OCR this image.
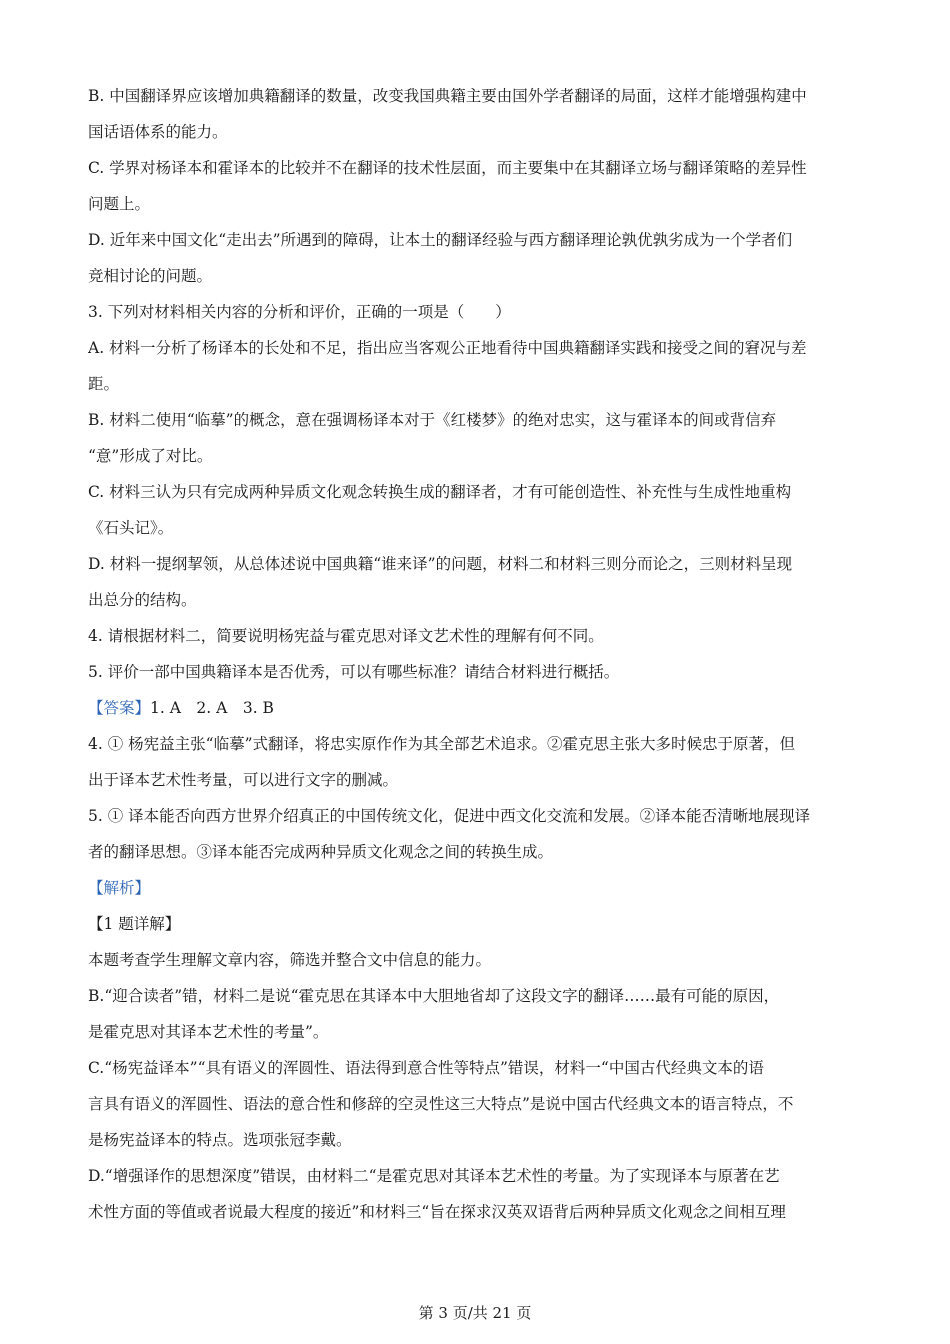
B. 中国翻译界应该增加典籍翻译的数量，改变我国典籍主要由国外学者翻译的局面，这样才能增强构建中
国话语体系的能力。
C. 学界对杨译本和霍译本的比较并不在翻译的技术性层面，而主要集中在其翻译立场与翻译策略的差异性
问题上。
D. 近年来中国文化“走出去”所遇到的障碍，让本土的翻译经验与西方翻译理论孰优孰劣成为一个学者们
竞相讨论的问题。
3. 下列对材料相关内容的分析和评价，正确的一项是（　　）
A. 材料一分析了杨译本的长处和不足，指出应当客观公正地看待中国典籍翻译实践和接受之间的窘况与差
距。
B. 材料二使用“临摹”的概念，意在强调杨译本对于《红楼梦》的绝对忠实，这与霍译本的间或背信弃
“意”形成了对比。
C. 材料三认为只有完成两种异质文化观念转换生成的翻译者，才有可能创造性、补充性与生成性地重构
《石头记》。
D. 材料一提纲挈领，从总体述说中国典籍“谁来译”的问题，材料二和材料三则分而论之，三则材料呈现
出总分的结构。
4. 请根据材料二，简要说明杨宪益与霍克思对译文艺术性的理解有何不同。
5. 评价一部中国典籍译本是否优秀，可以有哪些标准？请结合材料进行概括。
【答案】1. A　2. A　3. B
4. ① 杨宪益主张“临摹”式翻译，将忠实原作作为其全部艺术追求。②霍克思主张大多时候忠于原著，但
出于译本艺术性考量，可以进行文字的删减。
5. ① 译本能否向西方世界介绍真正的中国传统文化，促进中西文化交流和发展。②译本能否清晰地展现译
者的翻译思想。③译本能否完成两种异质文化观念之间的转换生成。
【解析】
【1 题详解】
本题考查学生理解文章内容，筛选并整合文中信息的能力。
B.“迎合读者”错，材料二是说“霍克思在其译本中大胆地省却了这段文字的翻译……最有可能的原因，
是霍克思对其译本艺术性的考量”。
C.“杨宪益译本”“具有语义的浑圆性、语法得到意合性等特点”错误，材料一“中国古代经典文本的语
言具有语义的浑圆性、语法的意合性和修辞的空灵性这三大特点”是说中国古代经典文本的语言特点，不
是杨宪益译本的特点。选项张冠李戴。
D.“增强译作的思想深度”错误，由材料二“是霍克思对其译本艺术性的考量。为了实现译本与原著在艺
术性方面的等值或者说最大程度的接近”和材料三“旨在探求汉英双语背后两种异质文化观念之间相互理
第 3 页/共 21 页
